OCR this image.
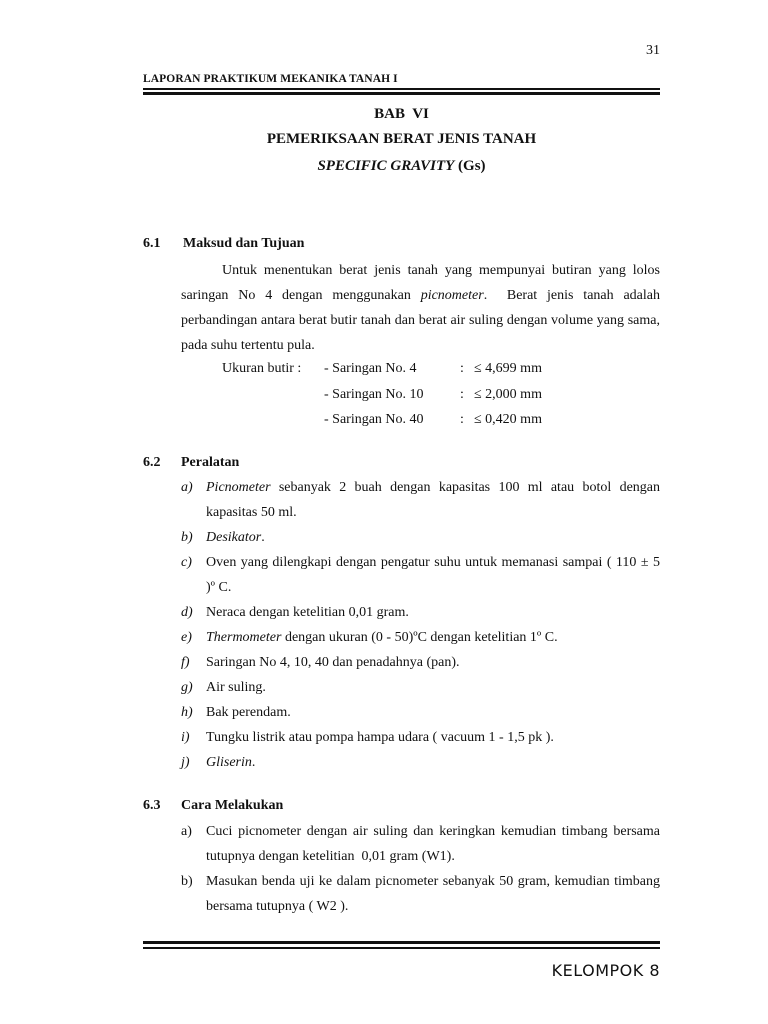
31
LAPORAN PRAKTIKUM MEKANIKA TANAH I
BAB  VI
PEMERIKSAAN BERAT JENIS TANAH
SPECIFIC GRAVITY (Gs)
6.1 Maksud dan Tujuan
Untuk menentukan berat jenis tanah yang mempunyai butiran yang lolos saringan No 4 dengan menggunakan picnometer.  Berat jenis tanah adalah perbandingan antara berat butir tanah dan berat air suling dengan volume yang sama, pada suhu tertentu pula.
Ukuran butir : - Saringan No. 4	: ≤ 4,699 mm
- Saringan No. 10	: ≤ 2,000 mm
- Saringan No. 40	: ≤ 0,420 mm
6.2 Peralatan
a) Picnometer sebanyak 2 buah dengan kapasitas 100 ml atau botol dengan kapasitas 50 ml.
b) Desikator.
c) Oven yang dilengkapi dengan pengatur suhu untuk memanasi sampai ( 110 ± 5 )º C.
d) Neraca dengan ketelitian 0,01 gram.
e) Thermometer dengan ukuran (0 - 50)ºC dengan ketelitian 1º C.
f) Saringan No 4, 10, 40 dan penadahnya (pan).
g) Air suling.
h) Bak perendam.
i) Tungku listrik atau pompa hampa udara ( vacuum 1 - 1,5 pk ).
j) Gliserin.
6.3 Cara Melakukan
a) Cuci picnometer dengan air suling dan keringkan kemudian timbang bersama tutupnya dengan ketelitian  0,01 gram (W1).
b) Masukan benda uji ke dalam picnometer sebanyak 50 gram, kemudian timbang bersama tutupnya ( W2 ).
KELOMPOK 8
